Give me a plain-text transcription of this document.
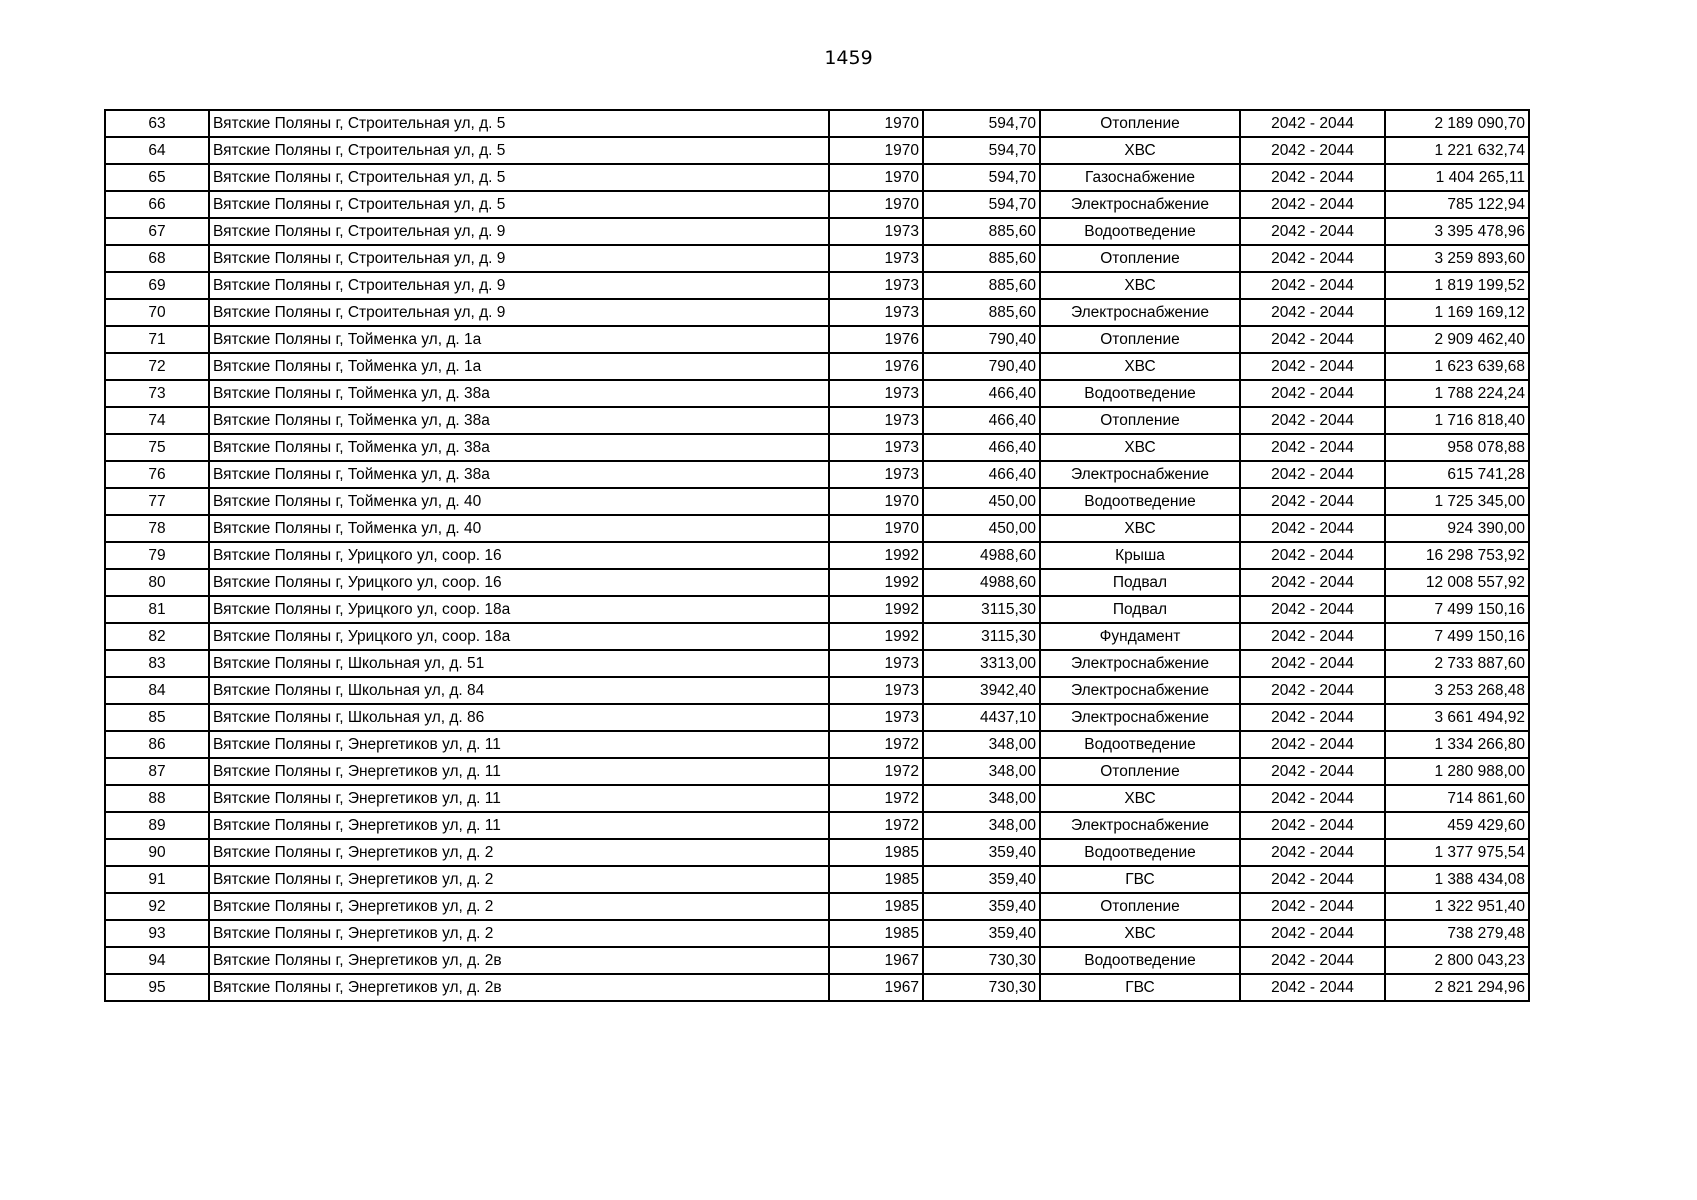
1459
63	Вятские Поляны г, Строительная ул, д. 5	1970	594,70	Отопление	2042 - 2044	2 189 090,70
64	Вятские Поляны г, Строительная ул, д. 5	1970	594,70	ХВС	2042 - 2044	1 221 632,74
65	Вятские Поляны г, Строительная ул, д. 5	1970	594,70	Газоснабжение	2042 - 2044	1 404 265,11
66	Вятские Поляны г, Строительная ул, д. 5	1970	594,70	Электроснабжение	2042 - 2044	785 122,94
67	Вятские Поляны г, Строительная ул, д. 9	1973	885,60	Водоотведение	2042 - 2044	3 395 478,96
68	Вятские Поляны г, Строительная ул, д. 9	1973	885,60	Отопление	2042 - 2044	3 259 893,60
69	Вятские Поляны г, Строительная ул, д. 9	1973	885,60	ХВС	2042 - 2044	1 819 199,52
70	Вятские Поляны г, Строительная ул, д. 9	1973	885,60	Электроснабжение	2042 - 2044	1 169 169,12
71	Вятские Поляны г, Тойменка ул, д. 1а	1976	790,40	Отопление	2042 - 2044	2 909 462,40
72	Вятские Поляны г, Тойменка ул, д. 1а	1976	790,40	ХВС	2042 - 2044	1 623 639,68
73	Вятские Поляны г, Тойменка ул, д. 38а	1973	466,40	Водоотведение	2042 - 2044	1 788 224,24
74	Вятские Поляны г, Тойменка ул, д. 38а	1973	466,40	Отопление	2042 - 2044	1 716 818,40
75	Вятские Поляны г, Тойменка ул, д. 38а	1973	466,40	ХВС	2042 - 2044	958 078,88
76	Вятские Поляны г, Тойменка ул, д. 38а	1973	466,40	Электроснабжение	2042 - 2044	615 741,28
77	Вятские Поляны г, Тойменка ул, д. 40	1970	450,00	Водоотведение	2042 - 2044	1 725 345,00
78	Вятские Поляны г, Тойменка ул, д. 40	1970	450,00	ХВС	2042 - 2044	924 390,00
79	Вятские Поляны г, Урицкого ул, соор. 16	1992	4988,60	Крыша	2042 - 2044	16 298 753,92
80	Вятские Поляны г, Урицкого ул, соор. 16	1992	4988,60	Подвал	2042 - 2044	12 008 557,92
81	Вятские Поляны г, Урицкого ул, соор. 18а	1992	3115,30	Подвал	2042 - 2044	7 499 150,16
82	Вятские Поляны г, Урицкого ул, соор. 18а	1992	3115,30	Фундамент	2042 - 2044	7 499 150,16
83	Вятские Поляны г, Школьная ул, д. 51	1973	3313,00	Электроснабжение	2042 - 2044	2 733 887,60
84	Вятские Поляны г, Школьная ул, д. 84	1973	3942,40	Электроснабжение	2042 - 2044	3 253 268,48
85	Вятские Поляны г, Школьная ул, д. 86	1973	4437,10	Электроснабжение	2042 - 2044	3 661 494,92
86	Вятские Поляны г, Энергетиков ул, д. 11	1972	348,00	Водоотведение	2042 - 2044	1 334 266,80
87	Вятские Поляны г, Энергетиков ул, д. 11	1972	348,00	Отопление	2042 - 2044	1 280 988,00
88	Вятские Поляны г, Энергетиков ул, д. 11	1972	348,00	ХВС	2042 - 2044	714 861,60
89	Вятские Поляны г, Энергетиков ул, д. 11	1972	348,00	Электроснабжение	2042 - 2044	459 429,60
90	Вятские Поляны г, Энергетиков ул, д. 2	1985	359,40	Водоотведение	2042 - 2044	1 377 975,54
91	Вятские Поляны г, Энергетиков ул, д. 2	1985	359,40	ГВС	2042 - 2044	1 388 434,08
92	Вятские Поляны г, Энергетиков ул, д. 2	1985	359,40	Отопление	2042 - 2044	1 322 951,40
93	Вятские Поляны г, Энергетиков ул, д. 2	1985	359,40	ХВС	2042 - 2044	738 279,48
94	Вятские Поляны г, Энергетиков ул, д. 2в	1967	730,30	Водоотведение	2042 - 2044	2 800 043,23
95	Вятские Поляны г, Энергетиков ул, д. 2в	1967	730,30	ГВС	2042 - 2044	2 821 294,96
